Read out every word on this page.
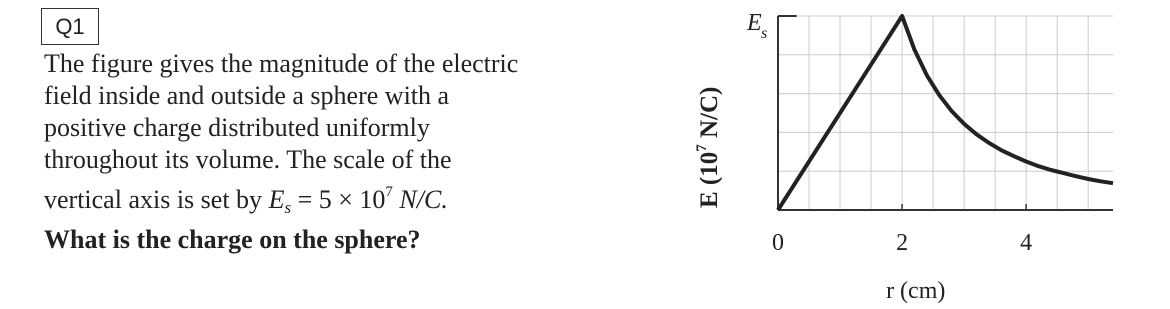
Q1
The figure gives the magnitude of the electric
field inside and outside a sphere with a
positive charge distributed uniformly
throughout its volume. The scale of the
vertical axis is set by $E_s = 5 \times 10^7$ N/C.
What is the charge on the sphere?
E ($10^7$ N/C)
0	2	4
E s
r (cm)
